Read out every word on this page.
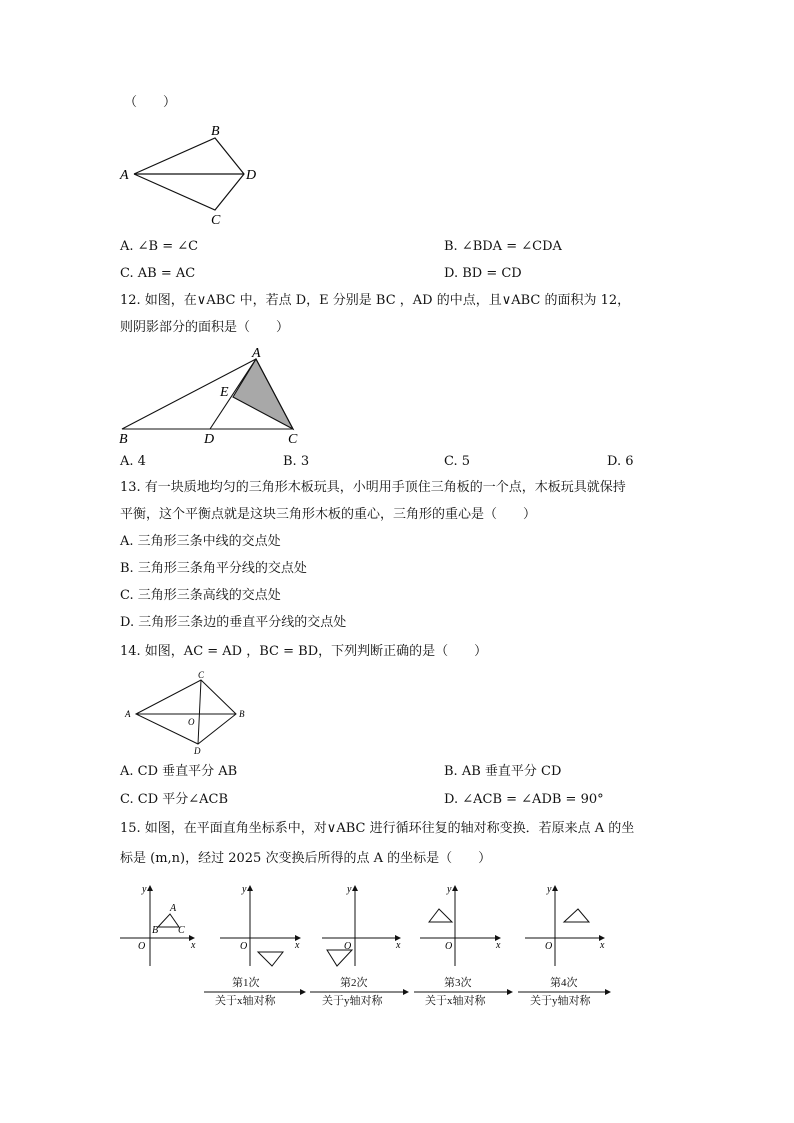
（　　）
A
B
D
C
A. ∠B = ∠C	B. ∠BDA = ∠CDA
C. AB = AC	D. BD = CD
12. 如图，在∨ABC 中，若点 D，E 分别是 BC ，AD 的中点，且∨ABC 的面积为 12，
则阴影部分的面积是（　　）
A
E
B	D	C
A. 4	B. 3	C. 5	D. 6
13. 有一块质地均匀的三角形木板玩具，小明用手顶住三角板的一个点，木板玩具就保持
平衡，这个平衡点就是这块三角形木板的重心，三角形的重心是（　　）
A. 三角形三条中线的交点处
B. 三角形三条角平分线的交点处
C. 三角形三条高线的交点处
D. 三角形三条边的垂直平分线的交点处
14. 如图，AC = AD ，BC = BD，下列判断正确的是（　　）
A
C
B
D
O
A. CD 垂直平分 AB	B. AB 垂直平分 CD
C. CD 平分∠ACB	D. ∠ACB = ∠ADB = 90°
15. 如图，在平面直角坐标系中，对∨ABC 进行循环往复的轴对称变换．若原来点 A 的坐
标是 (m,n)，经过 2025 次变换后所得的点 A 的坐标是（　　）
y
x
O
A
B C
y
x
O
y
x
O
y
x
O
y
x
O
第1次
关于x轴对称
第2次
关于y轴对称
第3次
关于x轴对称
第4次
关于y轴对称
